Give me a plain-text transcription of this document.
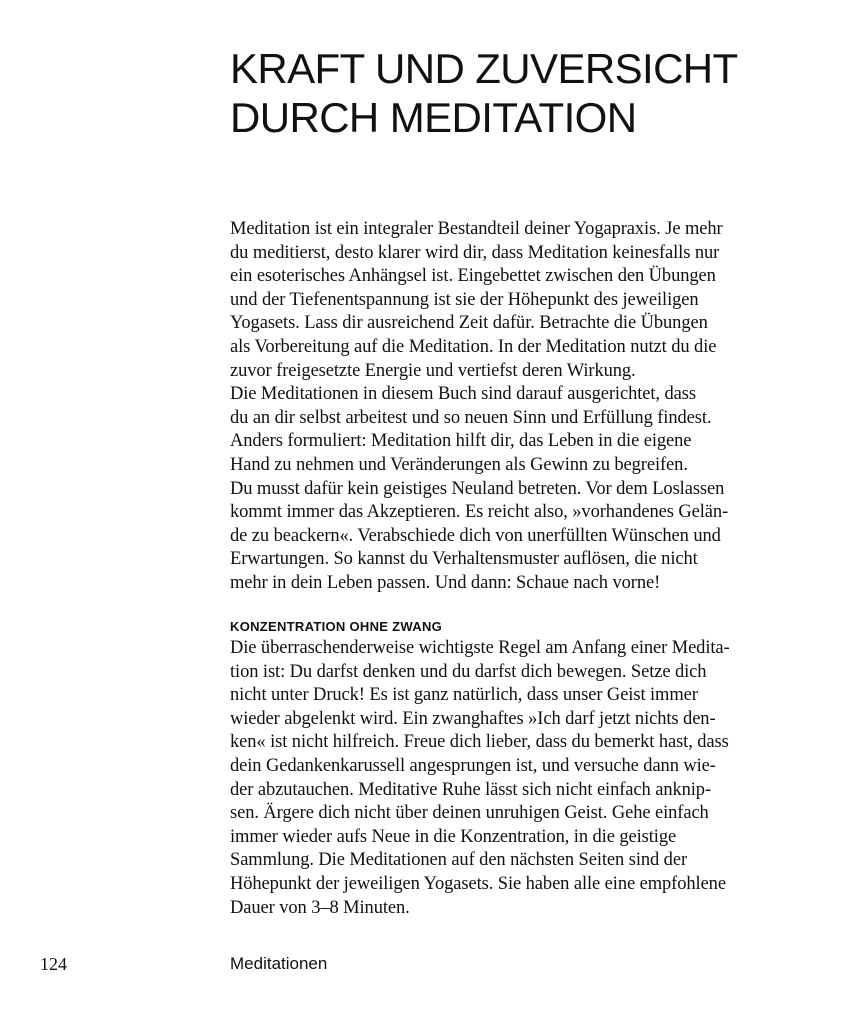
KRAFT UND ZUVERSICHT
DURCH MEDITATION
Meditation ist ein integraler Bestandteil deiner Yogapraxis. Je mehr
du meditierst, desto klarer wird dir, dass Meditation keinesfalls nur
ein esoterisches Anhängsel ist. Eingebettet zwischen den Übungen
und der Tiefenentspannung ist sie der Höhepunkt des jeweiligen
Yogasets. Lass dir ausreichend Zeit dafür. Betrachte die Übungen
als Vorbereitung auf die Meditation. In der Meditation nutzt du die
zuvor freigesetzte Energie und vertiefst deren Wirkung.
Die Meditationen in diesem Buch sind darauf ausgerichtet, dass
du an dir selbst arbeitest und so neuen Sinn und Erfüllung findest.
Anders formuliert: Meditation hilft dir, das Leben in die eigene
Hand zu nehmen und Veränderungen als Gewinn zu begreifen.
Du musst dafür kein geistiges Neuland betreten. Vor dem Loslassen
kommt immer das Akzeptieren. Es reicht also, »vorhandenes Gelän-
de zu beackern«. Verabschiede dich von unerfüllten Wünschen und
Erwartungen. So kannst du Verhaltensmuster auflösen, die nicht
mehr in dein Leben passen. Und dann: Schaue nach vorne!
KONZENTRATION OHNE ZWANG
Die überraschenderweise wichtigste Regel am Anfang einer Medita-
tion ist: Du darfst denken und du darfst dich bewegen. Setze dich
nicht unter Druck! Es ist ganz natürlich, dass unser Geist immer
wieder abgelenkt wird. Ein zwanghaftes »Ich darf jetzt nichts den-
ken« ist nicht hilfreich. Freue dich lieber, dass du bemerkt hast, dass
dein Gedankenkarussell angesprungen ist, und versuche dann wie-
der abzutauchen. Meditative Ruhe lässt sich nicht einfach anknip-
sen. Ärgere dich nicht über deinen unruhigen Geist. Gehe einfach
immer wieder aufs Neue in die Konzentration, in die geistige
Sammlung. Die Meditationen auf den nächsten Seiten sind der
Höhepunkt der jeweiligen Yogasets. Sie haben alle eine empfohlene
Dauer von 3–8 Minuten.
124	Meditationen
